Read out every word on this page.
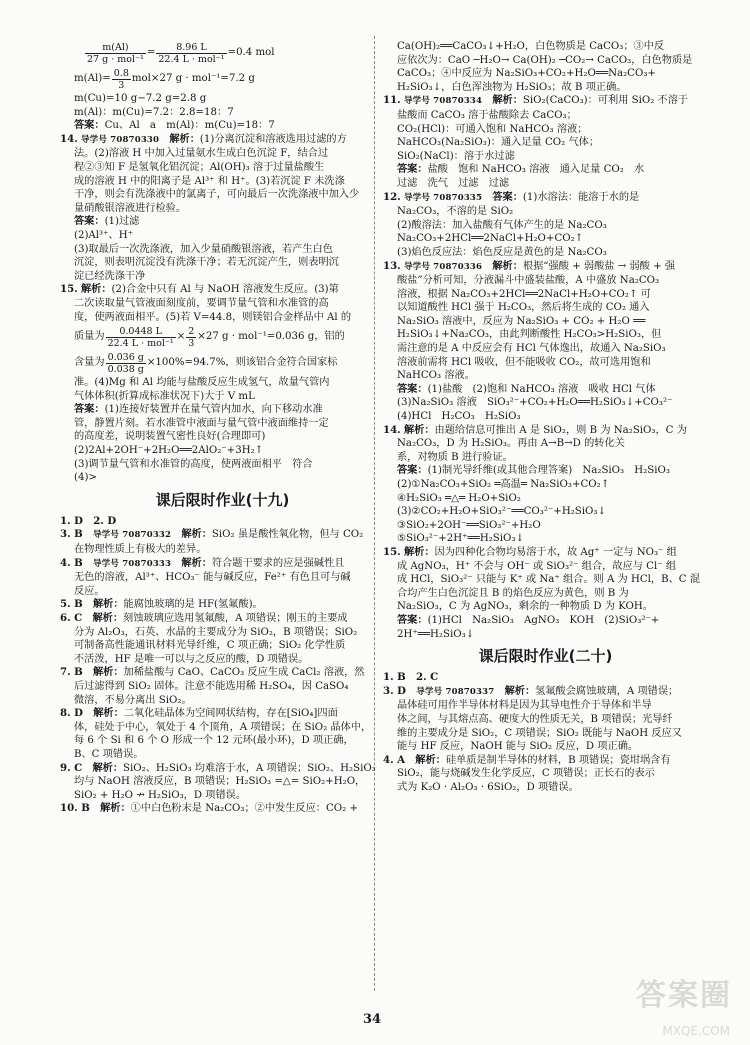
$\frac{m(Al)}{\text{27 g · mol⁻¹}} = \frac{8.96 L}{\text{22.4 L · mol⁻¹}} =0.4$ mol
$m(Al)= \frac{0.8}{3} mol\times 27$ g · mol⁻¹=7.2 g
m(Cu)=10 g−7.2 g=2.8 g
m(Al)：m(Cu)=7.2：2.8=18：7
答案：Cu、Al　a　m(Al)：m(Cu)=18：7
14. 导学号 70870330　 解析：(1)分离沉淀和溶液选用过滤的方
法。(2)溶液 H 中加入过量氨水生成白色沉淀 F，结合过
程②③知 F 是氢氧化铝沉淀；Al(OH)₃ 溶于过量盐酸生
成的溶液 H 中的阳离子是 Al³⁺ 和 H⁺。(3)若沉淀 F 未洗涤
干净，则会有洗涤液中的氯离子，可向最后一次洗涤液中加入少
量硝酸银溶液进行检验。
答案：(1)过滤
(2)Al³⁺、H⁺
(3)取最后一次洗涤液，加入少量硝酸银溶液，若产生白色
沉淀，则表明沉淀没有洗涤干净；若无沉淀产生，则表明沉
淀已经洗涤干净
15. 解析：(2)合金中只有 Al 与 NaOH 溶液发生反应。(3)第
二次读取量气管液面刻度前，要调节量气管和水准管的高
度，使两液面相平。(5)若 V=44.8，则镁铝合金样品中 Al 的
质量为 $\frac{0.0448 L}{\text{22.4 L · mol⁻¹}} \times \frac{2}{3} \times 27$ g · mol⁻¹=0.036 g，铝的
含量为 $\frac{0.036 g}{0.038 g} \times 100\%=94.7\%$，则该铝合金符合国家标
准。(4)Mg 和 Al 均能与盐酸反应生成氢气，故量气管内
气体体积(折算成标准状况下)大于 V mL
答案：(1)连接好装置并在量气管内加水，向下移动水准
管，静置片刻。若水准管中液面与量气管中液面维持一定
的高度差，说明装置气密性良好(合理即可)
(2)2Al+2OH⁻+2H₂O══2AlO₂⁻+3H₂↑
(3)调节量气管和水准管的高度，使两液面相平　符合
(4)>
课后限时作业(十九)
1. D　2. D
3. B　 导学号 70870332　 解析：SiO₂ 虽是酸性氧化物，但与 CO₂
在物理性质上有极大的差异。
4. B　 导学号 70870333　 解析：符合题干要求的应是强碱性且
无色的溶液，Al³⁺、HCO₃⁻ 能与碱反应，Fe²⁺ 有色且可与碱
反应。
5. B　 解析：能腐蚀玻璃的是 HF(氢氟酸)。
6. C　 解析：刻蚀玻璃应选用氢氟酸，A 项错误；刚玉的主要成
分为 Al₂O₃，石英、水晶的主要成分为 SiO₂，B 项错误；SiO₂
可制备高性能通讯材料光导纤维，C 项正确；SiO₂ 化学性质
不活泼，HF 是唯一可以与之反应的酸，D 项错误。
7. B　 解析：加稀盐酸与 CaO、CaCO₃ 反应生成 CaCl₂ 溶液，然
后过滤得到 SiO₂ 固体。注意不能选用稀 H₂SO₄，因 CaSO₄
微溶，不易分离出 SiO₂。
8. D　 解析：二氧化硅晶体为空间网状结构，存在[SiO₄]四面
体，硅处于中心，氧处于 4 个顶角，A 项错误；在 SiO₂ 晶体中，
每 6 个 Si 和 6 个 O 形成一个 12 元环(最小环)，D 项正确，
B、C 项错误。
9. C　 解析：SiO₂、H₂SiO₃ 均难溶于水，A 项错误；SiO₂、H₂SiO₃
均与 NaOH 溶液反应，B 项错误；H₂SiO₃ =△= SiO₂+H₂O，
SiO₂ + H₂O ↛ H₂SiO₃，D 项错误。
10. B　 解析：①中白色粉末是 Na₂CO₃；②中发生反应：CO₂ +
Ca(OH)₂══CaCO₃↓+H₂O，白色物质是 CaCO₃；③中反
应依次为：CaO ─H₂O→ Ca(OH)₂ ─CO₂→ CaCO₃，白色物质是
CaCO₃；④中反应为 Na₂SiO₃+CO₂+H₂O══Na₂CO₃+
H₂SiO₃↓，白色浑浊物为 H₂SiO₃；故 B 项正确。
11. 导学号 70870334　 解析：SiO₂(CaCO₃)：可利用 SiO₂ 不溶于
盐酸而 CaCO₃ 溶于盐酸除去 CaCO₃；
CO₂(HCl)：可通入饱和 NaHCO₃ 溶液；
NaHCO₃(Na₂SiO₃)：通入足量 CO₂ 气体；
SiO₂(NaCl)：溶于水过滤
答案：盐酸　饱和 NaHCO₃ 溶液　通入足量 CO₂　水
过滤　洗气　过滤　过滤
12. 导学号 70870335　 答案：(1)水溶法：能溶于水的是
Na₂CO₃，不溶的是 SiO₂
(2)酸溶法：加入盐酸有气体产生的是 Na₂CO₃
Na₂CO₃+2HCl══2NaCl+H₂O+CO₂↑
(3)焰色反应法：焰色反应是黄色的是 Na₂CO₃
13. 导学号 70870336　 解析：根据“强酸 + 弱酸盐 → 弱酸 + 强
酸盐”分析可知，分液漏斗中盛装盐酸，A 中盛放 Na₂CO₃
溶液，根据 Na₂CO₃+2HCl══2NaCl+H₂O+CO₂↑ 可
以知道酸性 HCl 强于 H₂CO₃，然后将生成的 CO₂ 通入
Na₂SiO₃ 溶液中，反应为 Na₂SiO₃ + CO₂ + H₂O ══
H₂SiO₃↓+Na₂CO₃，由此判断酸性 H₂CO₃>H₂SiO₃，但
需注意的是 A 中反应会有 HCl 气体逸出，故通入 Na₂SiO₃
溶液前需将 HCl 吸收，但不能吸收 CO₂，故可选用饱和
NaHCO₃ 溶液。
答案：(1)盐酸　(2)饱和 NaHCO₃ 溶液　吸收 HCl 气体
(3)Na₂SiO₃ 溶液　SiO₃²⁻+CO₂+H₂O══H₂SiO₃↓+CO₃²⁻
(4)HCl　H₂CO₃　H₂SiO₃
14. 解析：由题给信息可推出 A 是 SiO₂，则 B 为 Na₂SiO₃，C 为
Na₂CO₃，D 为 H₂SiO₃。再由 A→B→D 的转化关
系，对物质 B 进行验证。
答案：(1)制光导纤维(或其他合理答案)　Na₂SiO₃　H₂SiO₃
(2)①Na₂CO₃+SiO₂ ═高温═ Na₂SiO₃+CO₂↑
④H₂SiO₃ ═△═ H₂O+SiO₂
(3)②CO₂+H₂O+SiO₃²⁻══CO₃²⁻+H₂SiO₃↓
③SiO₂+2OH⁻══SiO₃²⁻+H₂O
⑤SiO₃²⁻+2H⁺══H₂SiO₃↓
15. 解析：因为四种化合物均易溶于水，故 Ag⁺ 一定与 NO₃⁻ 组
成 AgNO₃，H⁺ 不会与 OH⁻ 或 SiO₃²⁻ 组合，故应与 Cl⁻ 组
成 HCl，SiO₃²⁻ 只能与 K⁺ 或 Na⁺ 组合。则 A 为 HCl，B、C 混
合均产生白色沉淀且 B 的焰色反应为黄色，则 B 为
Na₂SiO₃，C 为 AgNO₃，剩余的一种物质 D 为 KOH。
答案：(1)HCl　Na₂SiO₃　AgNO₃　KOH　(2)SiO₃²⁻+
2H⁺══H₂SiO₃↓
课后限时作业(二十)
1. B　2. C
3. D　 导学号 70870337　 解析：氢氟酸会腐蚀玻璃，A 项错误；
晶体硅可用作半导体材料是因为其导电性介于导体和半导
体之间，与其熔点高、硬度大的性质无关，B 项错误；光导纤
维的主要成分是 SiO₂，C 项错误；SiO₂ 既能与 NaOH 反应又
能与 HF 反应，NaOH 能与 SiO₂ 反应，D 项正确。
4. A　 解析：硅单质是制半导体的材料，B 项错误；瓷坩埚含有
SiO₂，能与烧碱发生化学反应，C 项错误；正长石的表示
式为 K₂O · Al₂O₃ · 6SiO₂，D 项错误。
34
答案圈
MXQE.COM
